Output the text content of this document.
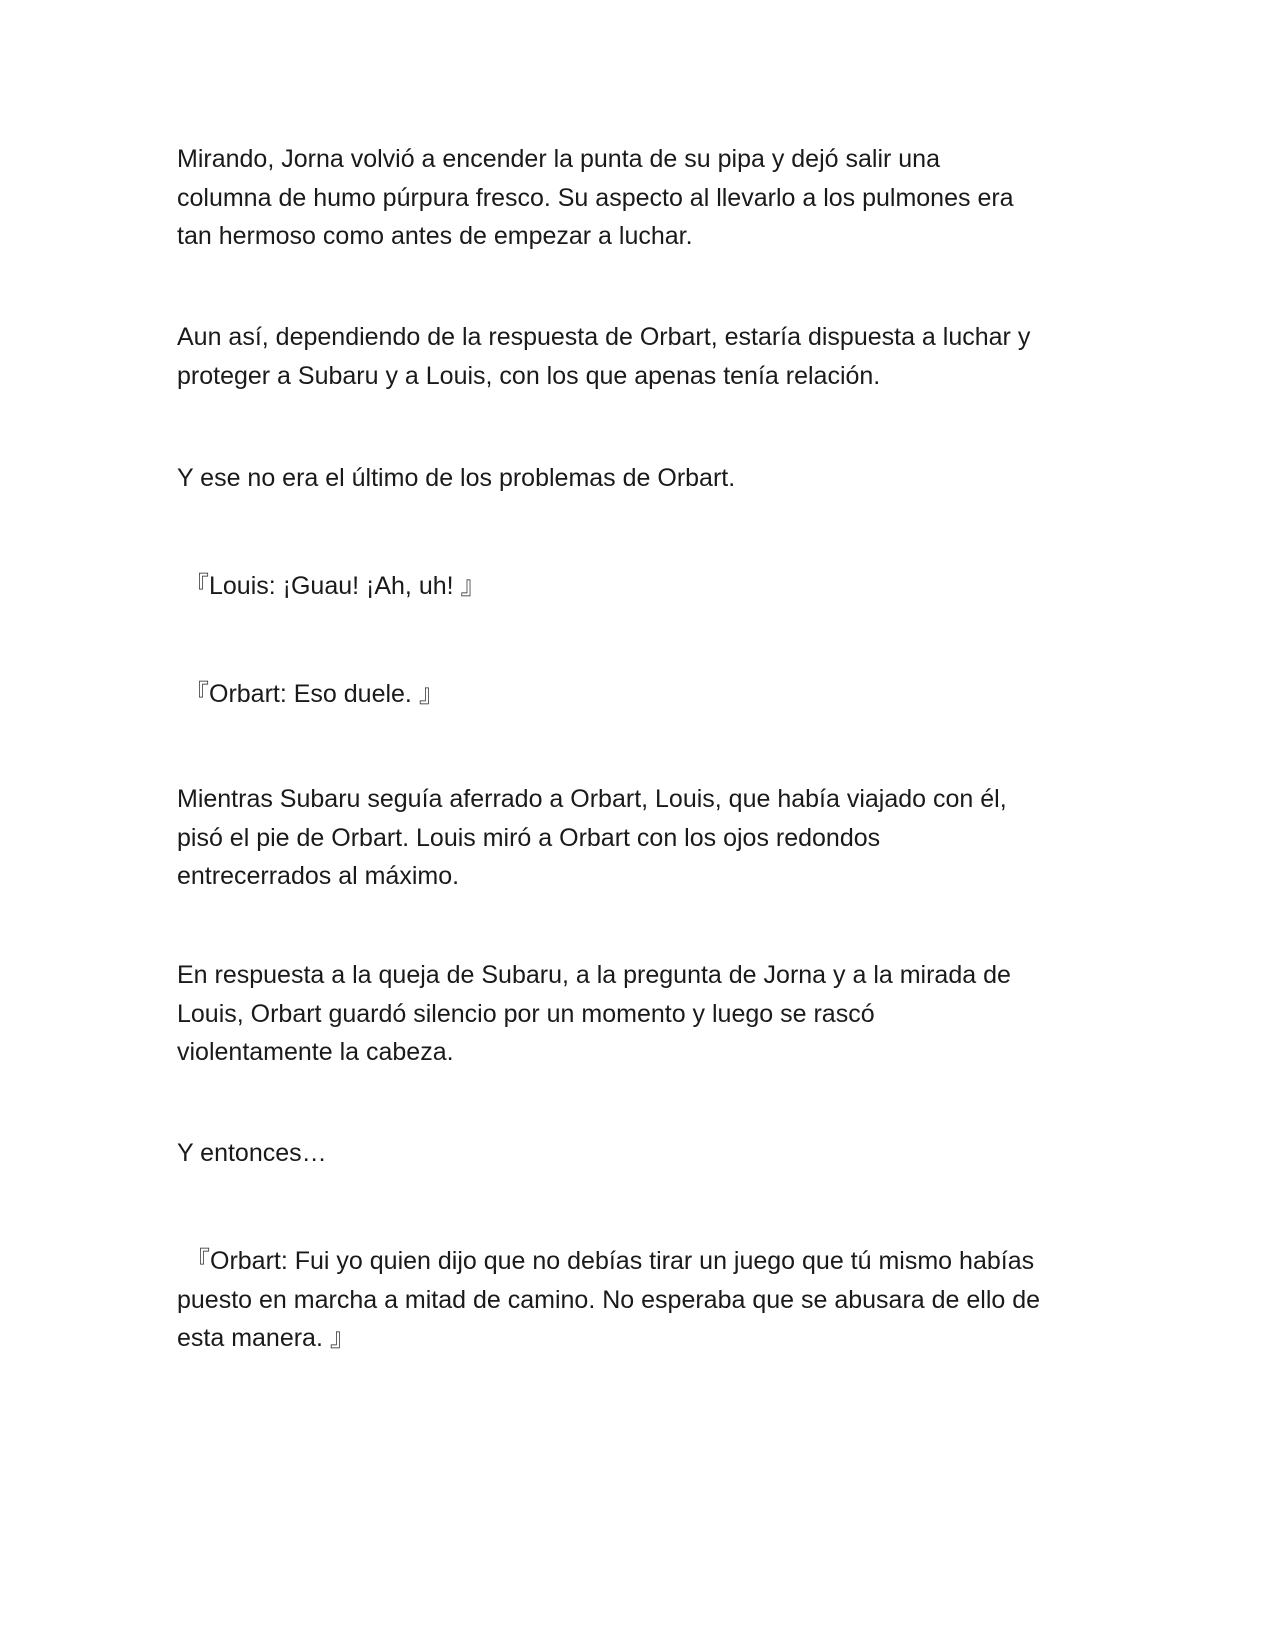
Mirando, Jorna volvió a encender la punta de su pipa y dejó salir una
columna de humo púrpura fresco. Su aspecto al llevarlo a los pulmones era
tan hermoso como antes de empezar a luchar.

Aun así, dependiendo de la respuesta de Orbart, estaría dispuesta a luchar y
proteger a Subaru y a Louis, con los que apenas tenía relación.

Y ese no era el último de los problemas de Orbart.

『Louis: ¡Guau! ¡Ah, uh! 』

『Orbart: Eso duele. 』

Mientras Subaru seguía aferrado a Orbart, Louis, que había viajado con él,
pisó el pie de Orbart. Louis miró a Orbart con los ojos redondos
entrecerrados al máximo.

En respuesta a la queja de Subaru, a la pregunta de Jorna y a la mirada de
Louis, Orbart guardó silencio por un momento y luego se rascó
violentamente la cabeza.

Y entonces…

『Orbart: Fui yo quien dijo que no debías tirar un juego que tú mismo habías
puesto en marcha a mitad de camino. No esperaba que se abusara de ello de
esta manera. 』
